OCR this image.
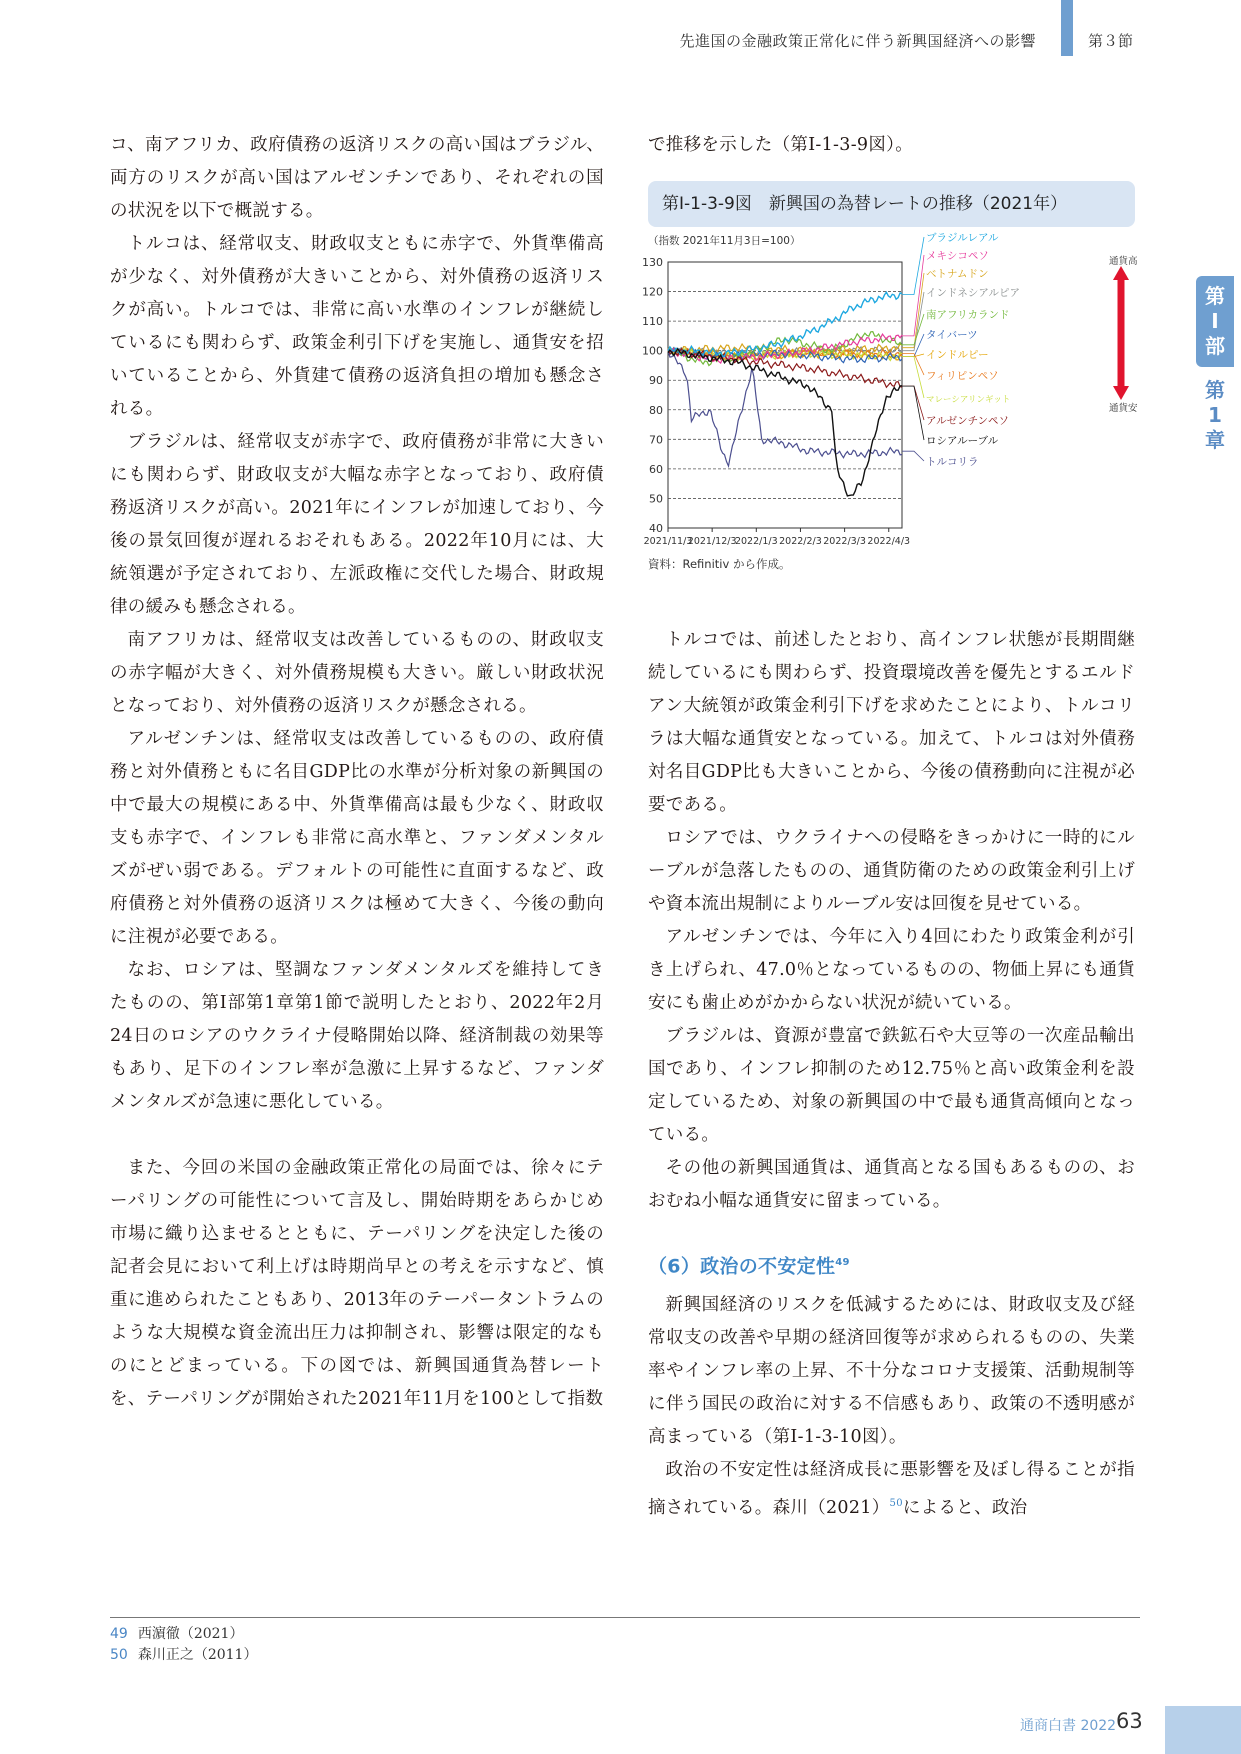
先進国の金融政策正常化に伴う新興国経済への影響	第３節
第
Ⅰ
部
第
1
章

コ、南アフリカ、政府債務の返済リスクの高い国はブラジル、両方のリスクが高い国はアルゼンチンであり、それぞれの国の状況を以下で概説する。

トルコは、経常収支、財政収支ともに赤字で、外貨準備高が少なく、対外債務が大きいことから、対外債務の返済リスクが高い。トルコでは、非常に高い水準のインフレが継続しているにも関わらず、政策金利引下げを実施し、通貨安を招いていることから、外貨建て債務の返済負担の増加も懸念される。

ブラジルは、経常収支が赤字で、政府債務が非常に大きいにも関わらず、財政収支が大幅な赤字となっており、政府債務返済リスクが高い。2021年にインフレが加速しており、今後の景気回復が遅れるおそれもある。2022年10月には、大統領選が予定されており、左派政権に交代した場合、財政規律の緩みも懸念される。

南アフリカは、経常収支は改善しているものの、財政収支の赤字幅が大きく、対外債務規模も大きい。厳しい財政状況となっており、対外債務の返済リスクが懸念される。

アルゼンチンは、経常収支は改善しているものの、政府債務と対外債務ともに名目GDP比の水準が分析対象の新興国の中で最大の規模にある中、外貨準備高は最も少なく、財政収支も赤字で、インフレも非常に高水準と、ファンダメンタルズがぜい弱である。デフォルトの可能性に直面するなど、政府債務と対外債務の返済リスクは極めて大きく、今後の動向に注視が必要である。

なお、ロシアは、堅調なファンダメンタルズを維持してきたものの、第Ⅰ部第1章第1節で説明したとおり、2022年2月24日のロシアのウクライナ侵略開始以降、経済制裁の効果等もあり、足下のインフレ率が急激に上昇するなど、ファンダメンタルズが急速に悪化している。

また、今回の米国の金融政策正常化の局面では、徐々にテーパリングの可能性について言及し、開始時期をあらかじめ市場に織り込ませるとともに、テーパリングを決定した後の記者会見において利上げは時期尚早との考えを示すなど、慎重に進められたこともあり、2013年のテーパータントラムのような大規模な資金流出圧力は抑制され、影響は限定的なものにとどまっている。下の図では、新興国通貨為替レートを、テーパリングが開始された2021年11月を100として指数

で推移を示した（第Ⅰ-1-3-9図）。

第Ⅰ-1-3-9図　新興国の為替レートの推移（2021年）
（指数 2021年11月3日=100）
130
120
110
100
90
80
70
60
50
40
2021/11/3
2021/12/3
2022/1/3 2022/2/3 2022/3/3 2022/4/3
ブラジルレアル
メキシコペソ
ベトナムドン
インドネシアルピア
南アフリカランド
タイバーツ
インドルピー
フィリピンペソ
マレーシアリンギット
アルゼンチンペソ
ロシアルーブル
トルコリラ
通貨高
通貨安
資料：Refinitiv から作成。

トルコでは、前述したとおり、高インフレ状態が長期間継続しているにも関わらず、投資環境改善を優先とするエルドアン大統領が政策金利引下げを求めたことにより、トルコリラは大幅な通貨安となっている。加えて、トルコは対外債務対名目GDP比も大きいことから、今後の債務動向に注視が必要である。

ロシアでは、ウクライナへの侵略をきっかけに一時的にルーブルが急落したものの、通貨防衛のための政策金利引上げや資本流出規制によりルーブル安は回復を見せている。

アルゼンチンでは、今年に入り4回にわたり政策金利が引き上げられ、47.0％となっているものの、物価上昇にも通貨安にも歯止めがかからない状況が続いている。

ブラジルは、資源が豊富で鉄鉱石や大豆等の一次産品輸出国であり、インフレ抑制のため12.75％と高い政策金利を設定しているため、対象の新興国の中で最も通貨高傾向となっている。

その他の新興国通貨は、通貨高となる国もあるものの、おおむね小幅な通貨安に留まっている。

（6）政治の不安定性$^{49}$

新興国経済のリスクを低減するためには、財政収支及び経常収支の改善や早期の経済回復等が求められるものの、失業率やインフレ率の上昇、不十分なコロナ支援策、活動規制等に伴う国民の政治に対する不信感もあり、政策の不透明感が高まっている（第Ⅰ-1-3-10図）。

政治の不安定性は経済成長に悪影響を及ぼし得ることが指摘されている。森川$(2021)^{50}$によると、政治

49 西濵徹（2021）
50 森川正之（2011）
通商白書 2022 63
